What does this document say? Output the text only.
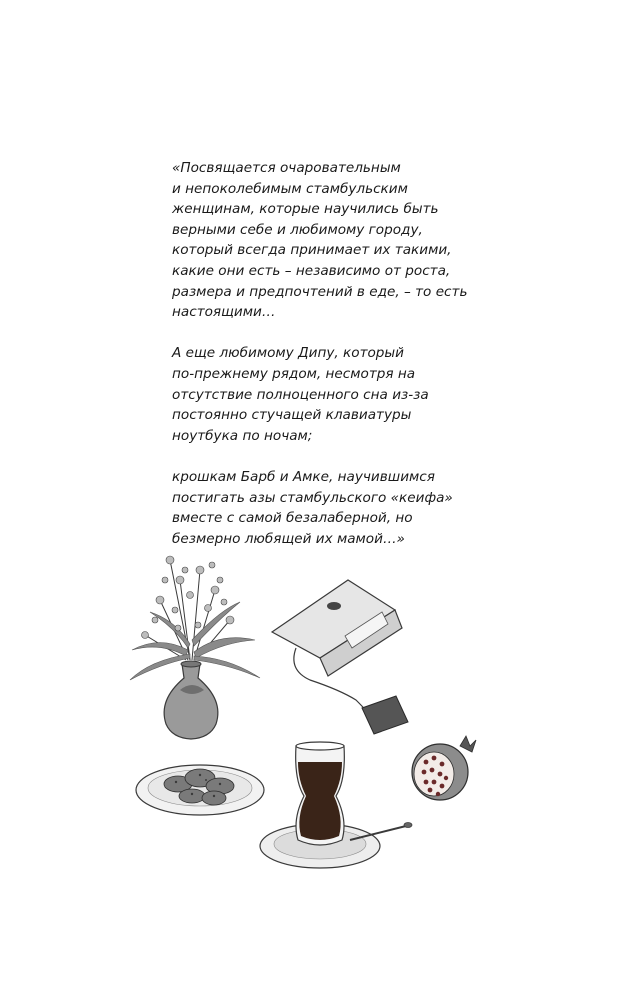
«Посвящается очаровательным
и непоколебимым стамбульским
женщинам, которые научились быть
верными себе и любимому городу,
который всегда принимает их такими,
какие они есть – независимо от роста,
размера и предпочтений в еде, – то есть
настоящими…

А еще любимому Дипу, который
по-прежнему рядом, несмотря на
отсутствие полноценного сна из-за
постоянно стучащей клавиатуры
ноутбука по ночам;

крошкам Барб и Амке, научившимся
постигать азы стамбульского «кеифа»
вместе с самой безалаберной, но
безмерно любящей их мамой…»
